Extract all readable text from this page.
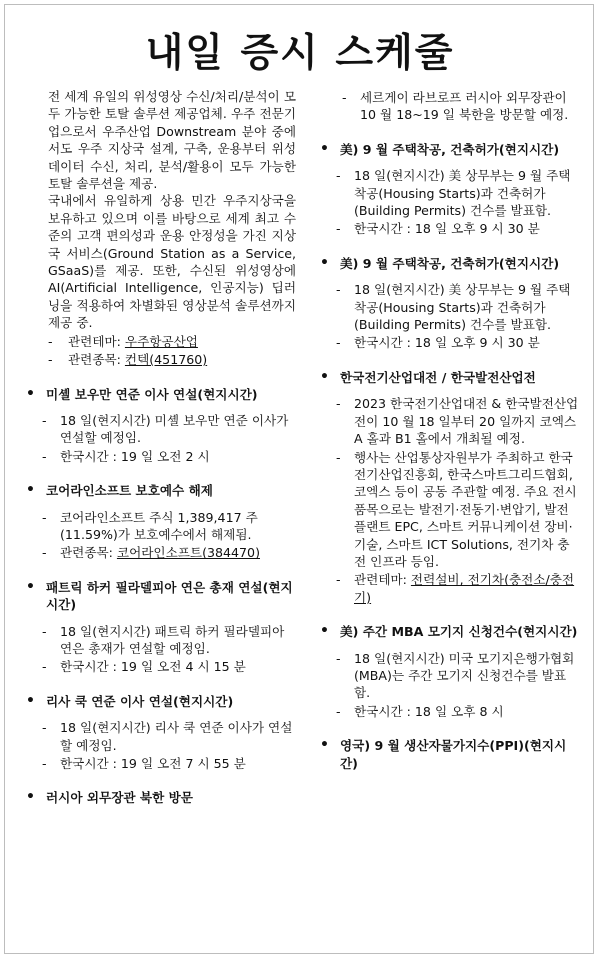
내일 증시 스케줄
전 세계 유일의 위성영상 수신/처리/분석이 모두 가능한 토탈 솔루션 제공업체. 우주 전문기업으로서 우주산업 Downstream 분야 중에서도 우주 지상국 설계, 구축, 운용부터 위성데이터 수신, 처리, 분석/활용이 모두 가능한 토탈 솔루션을 제공.
국내에서 유일하게 상용 민간 우주지상국을 보유하고 있으며 이를 바탕으로 세계 최고 수준의 고객 편의성과 운용 안정성을 가진 지상국 서비스(Ground Station as a Service, GSaaS)를 제공. 또한, 수신된 위성영상에 AI(Artificial Intelligence, 인공지능) 딥러닝을 적용하여 차별화된 영상분석 솔루션까지 제공 중.
-	관련테마: 우주항공산업
-	관련종목: 컨텍(451760)
• 미셸 보우만 연준 이사 연설(현지시간)
-	18 일(현지시간) 미셸 보우만 연준 이사가 연설할 예정임.
-	한국시간 : 19 일 오전 2 시
• 코어라인소프트 보호예수 해제
-	코어라인소프트 주식 1,389,417 주(11.59%)가 보호예수에서 해제됨.
-	관련종목: 코어라인소프트(384470)
• 패트릭 하커 필라델피아 연은 총재 연설(현지시간)
-	18 일(현지시간) 패트릭 하커 필라델피아 연은 총재가 연설할 예정임.
-	한국시간 : 19 일 오전 4 시 15 분
• 리사 쿡 연준 이사 연설(현지시간)
-	18 일(현지시간) 리사 쿡 연준 이사가 연설할 예정임.
-	한국시간 : 19 일 오전 7 시 55 분
• 러시아 외무장관 북한 방문
-	세르게이 라브로프 러시아 외무장관이 10 월 18~19 일 북한을 방문할 예정.
• 美) 9 월 주택착공, 건축허가(현지시간)
-	18 일(현지시간) 美 상무부는 9 월 주택착공(Housing Starts)과 건축허가(Building Permits) 건수를 발표함.
-	한국시간 : 18 일 오후 9 시 30 분
• 美) 9 월 주택착공, 건축허가(현지시간)
-	18 일(현지시간) 美 상무부는 9 월 주택착공(Housing Starts)과 건축허가(Building Permits) 건수를 발표함.
-	한국시간 : 18 일 오후 9 시 30 분
• 한국전기산업대전 / 한국발전산업전
-	2023 한국전기산업대전 & 한국발전산업전이 10 월 18 일부터 20 일까지 코엑스 A 홀과 B1 홀에서 개최될 예정.
-	행사는 산업통상자원부가 주최하고 한국전기산업진흥회, 한국스마트그리드협회, 코엑스 등이 공동 주관할 예정. 주요 전시품목으로는 발전기·전동기·변압기, 발전 플랜트 EPC, 스마트 커뮤니케이션 장비·기술, 스마트 ICT Solutions, 전기차 충전 인프라 등임.
-	관련테마: 전력설비, 전기차(충전소/충전기)
• 美) 주간 MBA 모기지 신청건수(현지시간)
-	18 일(현지시간) 미국 모기지은행가협회(MBA)는 주간 모기지 신청건수를 발표함.
-	한국시간 : 18 일 오후 8 시
• 영국) 9 월 생산자물가지수(PPI)(현지시간)
